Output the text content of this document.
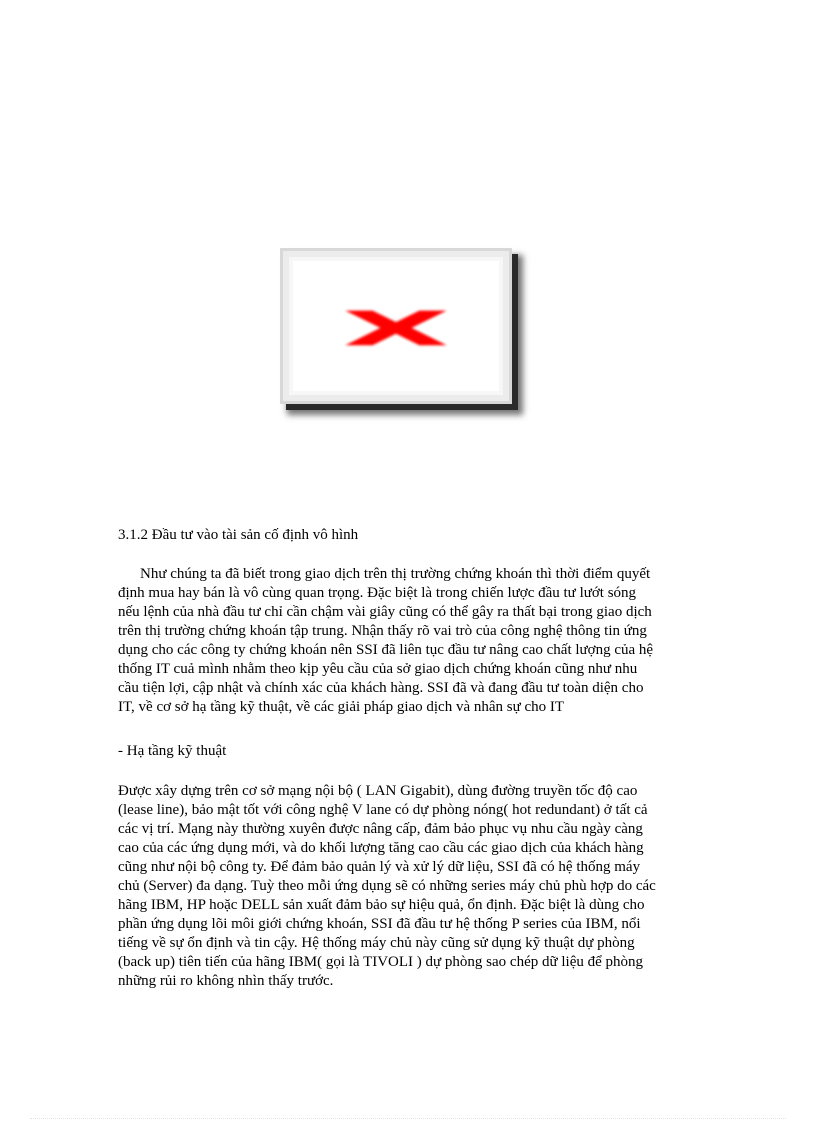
3.1.2 Đầu tư vào tài sản cố định vô hình
Như chúng ta đã biết trong giao dịch trên thị trường chứng khoán thì thời điểm quyết
định mua hay bán là vô cùng quan trọng. Đặc biệt là trong chiến lược đầu tư lướt sóng
nếu lệnh của nhà đầu tư chỉ cần chậm vài giây cũng có thể gây ra thất bại trong giao dịch
trên thị trường chứng khoán tập trung. Nhận thấy rõ vai trò của công nghệ thông tin ứng
dụng cho các công ty chứng khoán nên SSI đã liên tục đầu tư nâng cao chất lượng của hệ
thống IT cuả mình nhằm theo kịp yêu cầu của sở giao dịch chứng khoán cũng như nhu
cầu tiện lợi, cập nhật và chính xác của khách hàng. SSI đã và đang đầu tư toàn diện cho
IT, về cơ sở hạ tầng kỹ thuật, về các giải pháp giao dịch và nhân sự cho IT
- Hạ tầng kỹ thuật
Được xây dựng trên cơ sở mạng nội bộ ( LAN Gigabit), dùng đường truyền tốc độ cao
(lease line), bảo mật tốt với công nghệ V lane có dự phòng nóng( hot redundant) ở tất cả
các vị trí. Mạng này thường xuyên được nâng cấp, đảm bảo phục vụ nhu cầu ngày càng
cao của các ứng dụng mới, và do khối lượng tăng cao cầu các giao dịch của khách hàng
cũng như nội bộ công ty. Để đảm bảo quản lý và xử lý dữ liệu, SSI đã có hệ thống máy
chủ (Server) đa dạng. Tuỳ theo mỗi ứng dụng sẽ có những series máy chủ phù hợp do các
hãng IBM, HP hoặc DELL sản xuất đảm bảo sự hiệu quả, ổn định. Đặc biệt là dùng cho
phần ứng dụng lõi môi giới chứng khoán, SSI đã đầu tư hệ thống P series của IBM, nổi
tiếng về sự ổn định và tin cậy. Hệ thống máy chủ này cũng sử dụng kỹ thuật dự phòng
(back up) tiên tiến của hãng IBM( gọi là TIVOLI ) dự phòng sao chép dữ liệu để phòng
những rủi ro không nhìn thấy trước.
